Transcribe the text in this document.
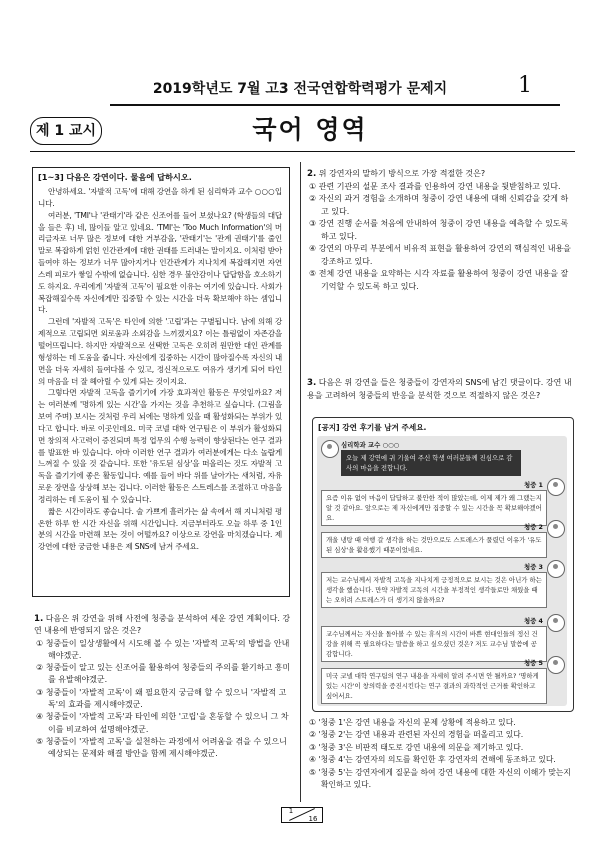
2019학년도 7월 고3 전국연합학력평가 문제지	1
제 1 교시	국어 영역
[1~3] 다음은 강연이다. 물음에 답하시오.

안녕하세요. '자발적 고독'에 대해 강연을 하게 된 심리학과 교수 ○○○입니다.

여러분, 'TMI'나 '관태기'라 같은 신조어를 들어 보셨나요? (학생들의 대답을 들은 후) 네, 많이들 알고 있네요. 'TMI'는 'Too Much Information'의 머리글자로 너무 많은 정보에 대한 거부감을, '관태기'는 '관계 권태기'를 줄인 말로 복잡하게 얽힌 인간관계에 대한 권태를 드러내는 말이지요. 이처럼 받아들여야 하는 정보가 너무 많아지거나 인간관계가 지나치게 복잡해지면 자연스레 피로가 쌓일 수밖에 없습니다. 심한 경우 불안감이나 답답함을 호소하기도 하지요. 우리에게 '자발적 고독'이 필요한 이유는 여기에 있습니다. 사회가 복잡해질수록 자신에게만 집중할 수 있는 시간을 더욱 확보해야 하는 셈입니다.

그런데 '자발적 고독'은 타인에 의한 '고립'과는 구별됩니다. 남에 의해 강제적으로 고립되면 외로움과 소외감을 느끼겠지요? 이는 틀림없이 자존감을 떨어뜨립니다. 하지만 자발적으로 선택한 고독은 오히려 원만한 대인 관계를 형성하는 데 도움을 줍니다. 자신에게 집중하는 시간이 많아질수록 자신의 내면을 더욱 자세히 들여다볼 수 있고, 정신적으로도 여유가 생기게 되어 타인의 마음을 더 잘 헤아릴 수 있게 되는 것이지요.

그렇다면 자발적 고독을 즐기기에 가장 효과적인 활동은 무엇일까요? 저는 여러분께 '명하게 있는 시간'을 가지는 것을 추천하고 싶습니다. (그림을 보여 주며) 보시는 것처럼 우리 뇌에는 명하게 있을 때 활성화되는 부위가 있다고 합니다. 바로 이곳인데요. 미국 코넬 대학 연구팀은 이 부위가 활성화되면 창의적 사고력이 증진되며 특정 업무의 수행 능력이 향상된다는 연구 결과를 발표한 바 있습니다. 아마 이러한 연구 결과가 여러분에게는 다소 놀랍게 느껴질 수 있을 것 같습니다. 또한 '유도된 심상'을 떠올리는 것도 자발적 고독을 즐기기에 좋은 활동입니다. 예를 들어 바다 위를 날아가는 새처럼, 자유로운 장면을 상상해 보는 겁니다. 이러한 활동은 스트레스를 조절하고 마음을 정리하는 데 도움이 될 수 있습니다.

짧은 시간이라도 좋습니다. 술 가쁘게 흘러가는 삶 속에서 해 지니처럼 평온한 하루 한 시간 자신을 위해 시간입니다. 지금부터라도 오늘 하루 중 1인분의 시간을 마련해 보는 것이 어떨까요? 이상으로 강연을 마치겠습니다. 제 강연에 대한 궁금한 내용은 제 SNS에 남겨 주세요.

1. 다음은 위 강연을 위해 사전에 청중을 분석하여 세운 강연 계획이다. 강연 내용에 반영되지 않은 것은?

① 청중들이 일상생활에서 시도해 볼 수 있는 '자발적 고독'의 방법을 안내해야겠군.

② 청중들이 알고 있는 신조어를 활용하여 청중들의 주의를 환기하고 흥미를 유발해야겠군.

③ 청중들이 '자발적 고독'이 왜 필요한지 궁금해 할 수 있으니 '자발적 고독'의 효과를 제시해야겠군.

④ 청중들이 '자발적 고독'과 타인에 의한 '고립'을 혼동할 수 있으니 그 차이를 비교하여 설명해야겠군.

⑤ 청중들이 '자발적 고독'을 실천하는 과정에서 어려움을 겪을 수 있으니 예상되는 문제와 해결 방안을 함께 제시해야겠군.

2. 위 강연자의 말하기 방식으로 가장 적절한 것은?

① 관련 기관의 설문 조사 결과를 인용하여 강연 내용을 뒷받침하고 있다.

② 자신의 과거 경험을 소개하며 청중이 강연 내용에 대해 신뢰감을 갖게 하고 있다.

③ 강연 진행 순서를 처음에 안내하여 청중이 강연 내용을 예측할 수 있도록 하고 있다.

④ 강연의 마무리 부분에서 비유적 표현을 활용하여 강연의 핵심적인 내용을 강조하고 있다.

⑤ 전체 강연 내용을 요약하는 시각 자료를 활용하여 청중이 강연 내용을 잘 기억할 수 있도록 하고 있다.

3. 다음은 위 강연을 들은 청중들이 강연자의 SNS에 남긴 댓글이다. 강연 내용을 고려하여 청중들의 반응을 분석한 것으로 적절하지 않은 것은?
[공지] 강연 후기를 남겨 주세요.
심리학과 교수 ○○○
오늘 제 강연에 귀 기울여 주신 학생 여러분들께 진심으로 감사의 마음을 전합니다.
청중 1
요즘 이유 없이 마음이 답답하고 불안한 적이 많았는데, 이제 제가 왜 그랬는지 알 것 같아요. 앞으로는 제 자신에게만 집중할 수 있는 시간을 꼭 확보해야겠어요.
청중 2
개울 냉탕 때 여행 갈 생각을 하는 것만으로도 스트레스가 풀렸던 이유가 '유도된 심상'을 활용했기 때문이었네요.
청중 3
저는 교수님께서 자발적 고독을 지나치게 긍정적으로 보시는 것은 아닌가 하는 생각을 했습니다. 만약 자발적 고독의 시간을 부정적인 생각들로만 채웠을 때는 오히려 스트레스가 더 생기지 않을까요?
청중 4
교수님께서는 자신을 돌아볼 수 있는 휴식의 시간이 바쁜 현대인들의 정신 건강을 위해 꼭 필요하다는 말씀을 하고 싶으셨던 것은? 저도 교수님 말씀에 공감합니다.
청중 5
미국 코넬 대학 연구팀의 연구 내용을 자세히 알려 주시면 안 될까요? '명하게 있는 시간'이 창의력을 증진시킨다는 연구 결과의 과학적인 근거를 확인하고 싶어서요.

① '청중 1'은 강연 내용을 자신의 문제 상황에 적용하고 있다.

② '청중 2'는 강연 내용과 관련된 자신의 경험을 떠올리고 있다.

③ '청중 3'은 비판적 태도로 강연 내용에 의문을 제기하고 있다.

④ '청중 4'는 강연자의 의도를 확인한 후 강연자의 견해에 동조하고 있다.

⑤ '청중 5'는 강연자에게 질문을 하여 강연 내용에 대한 자신의 이해가 맞는지 확인하고 있다.

1
16
